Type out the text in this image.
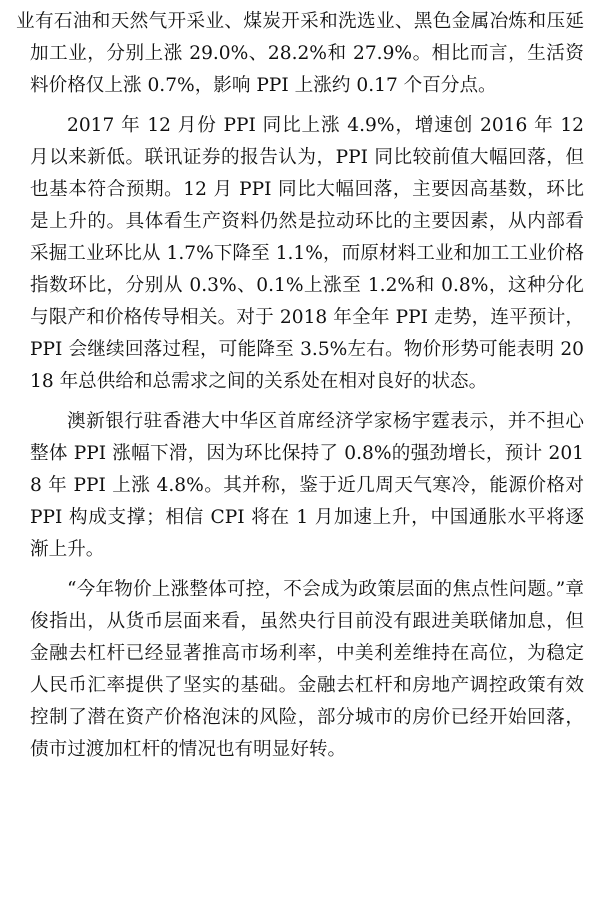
业有石油和天然气开采业、煤炭开采和洗选业、黑色金属冶炼和压延加工业，分别上涨 29.0%、28.2%和 27.9%。相比而言，生活资料价格仅上涨 0.7%，影响 PPI 上涨约 0.17 个百分点。

2017 年 12 月份 PPI 同比上涨 4.9%，增速创 2016 年 12 月以来新低。联讯证券的报告认为，PPI 同比较前值大幅回落，但也基本符合预期。12 月 PPI 同比大幅回落，主要因高基数，环比是上升的。具体看生产资料仍然是拉动环比的主要因素，从内部看采掘工业环比从 1.7%下降至 1.1%，而原材料工业和加工工业价格指数环比，分别从 0.3%、0.1%上涨至 1.2%和 0.8%，这种分化与限产和价格传导相关。对于 2018 年全年 PPI 走势，连平预计，PPI 会继续回落过程，可能降至 3.5%左右。物价形势可能表明 2018 年总供给和总需求之间的关系处在相对良好的状态。

澳新银行驻香港大中华区首席经济学家杨宇霆表示，并不担心整体 PPI 涨幅下滑，因为环比保持了 0.8%的强劲增长，预计 2018 年 PPI 上涨 4.8%。其并称，鉴于近几周天气寒冷，能源价格对 PPI 构成支撑；相信 CPI 将在 1 月加速上升，中国通胀水平将逐渐上升。

“今年物价上涨整体可控，不会成为政策层面的焦点性问题。”章俊指出，从货币层面来看，虽然央行目前没有跟进美联储加息，但金融去杠杆已经显著推高市场利率，中美利差维持在高位，为稳定人民币汇率提供了坚实的基础。金融去杠杆和房地产调控政策有效控制了潜在资产价格泡沫的风险，部分城市的房价已经开始回落，债市过渡加杠杆的情况也有明显好转。
